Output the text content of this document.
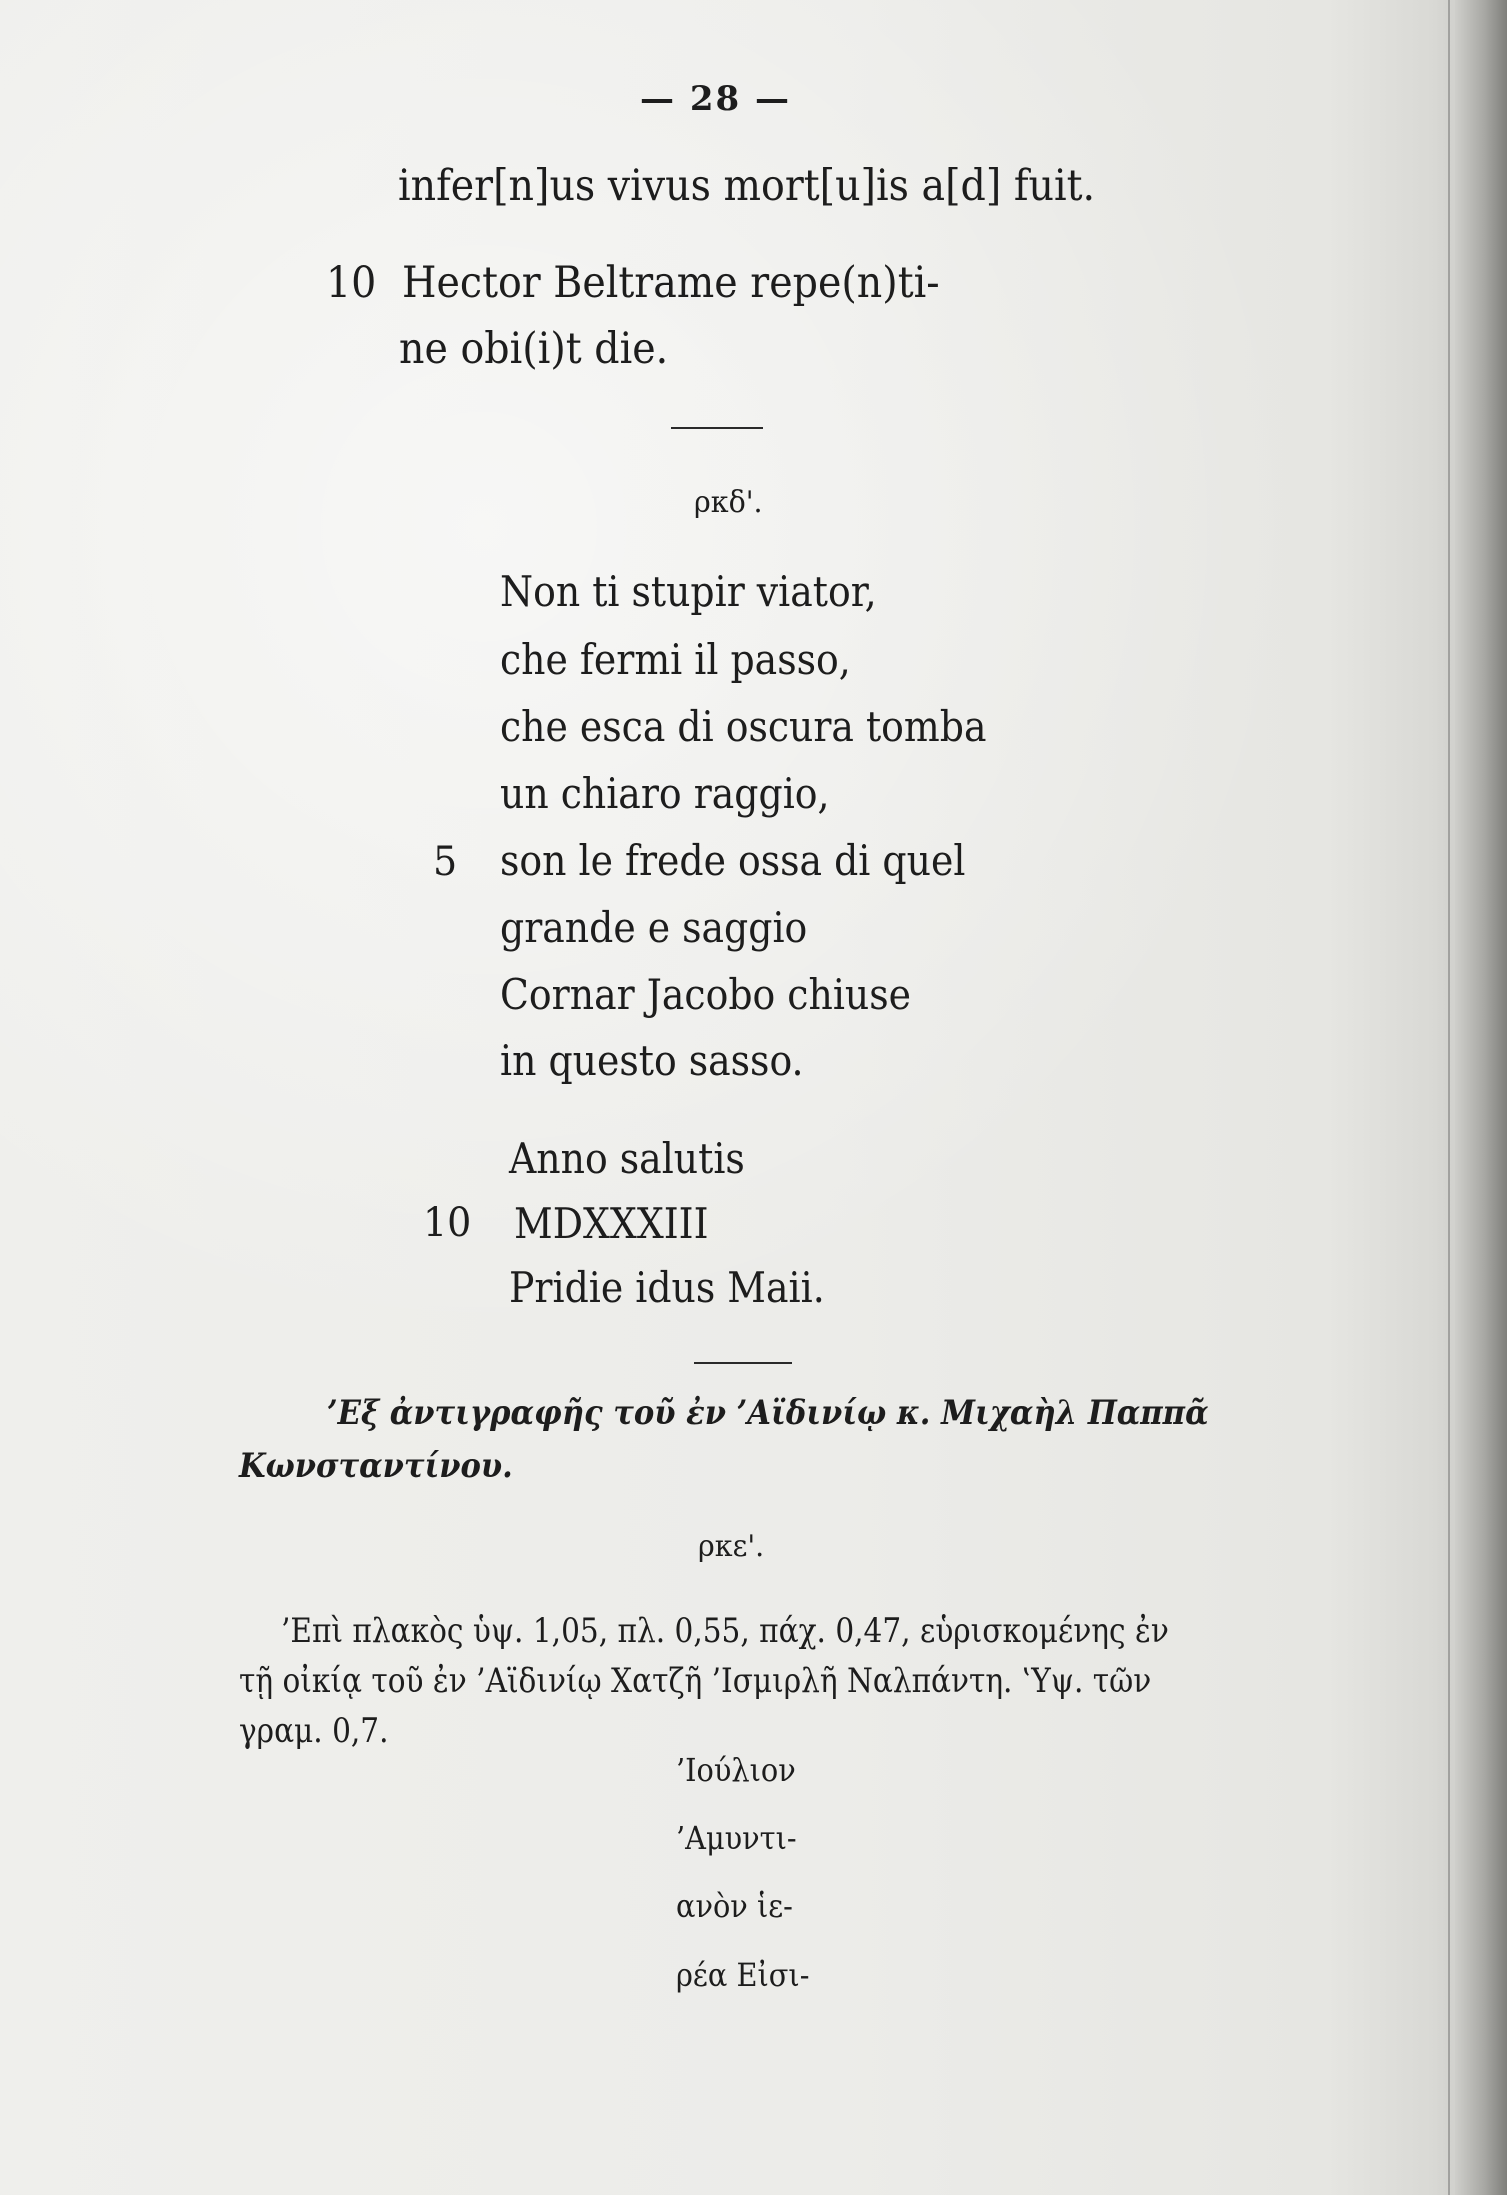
— 28 —
infer[n]us vivus mort[u]is a[d] fuit.
10 Hector Beltrame repe(n)ti-
ne obi(i)t die.
ρκδ'.
Non ti stupir viator,
che fermi il passo,
che esca di oscura tomba
un chiaro raggio,
5 son le frede ossa di quel
grande e saggio
Cornar Jacobo chiuse
in questo sasso.
Anno salutis
10 MDXXXIII
Pridie idus Maii.
’Εξ ἀντιγραφῆς τοῦ ἐν ’Αϊδινίῳ κ. Μιχαὴλ Παππᾶ
Κωνσταντίνου.
ρκε'.
’Επὶ πλακὸς ὑψ. 1,05, πλ. 0,55, πάχ. 0,47, εὑρισκομένης ἐν
τῇ οἰκίᾳ τοῦ ἐν ’Αϊδινίῳ Χατζῆ ’Ισμιρλῆ Ναλπάντη. ‛Υψ. τῶν
γραμ. 0,7.
’Ιούλιον
’Αμυντι-
ανὸν ἱε-
ρέα Εἰσι-
